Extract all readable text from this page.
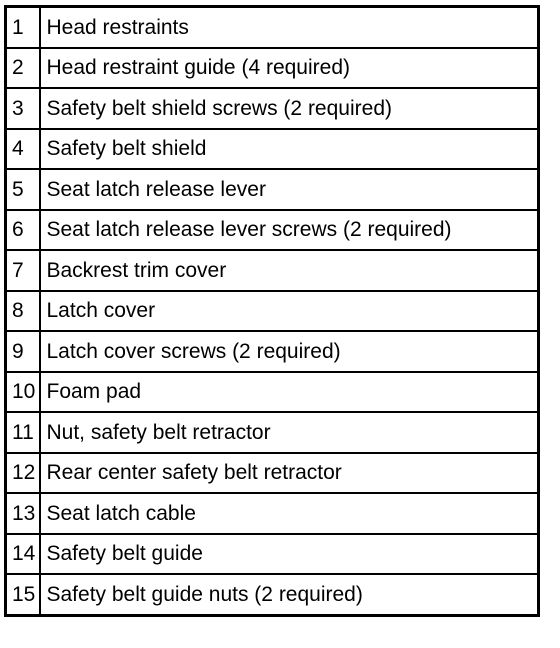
1	Head restraints
2	Head restraint guide (4 required)
3	Safety belt shield screws (2 required)
4	Safety belt shield
5	Seat latch release lever
6	Seat latch release lever screws (2 required)
7	Backrest trim cover
8	Latch cover
9	Latch cover screws (2 required)
10	Foam pad
11	Nut, safety belt retractor
12	Rear center safety belt retractor
13	Seat latch cable
14	Safety belt guide
15	Safety belt guide nuts (2 required)
